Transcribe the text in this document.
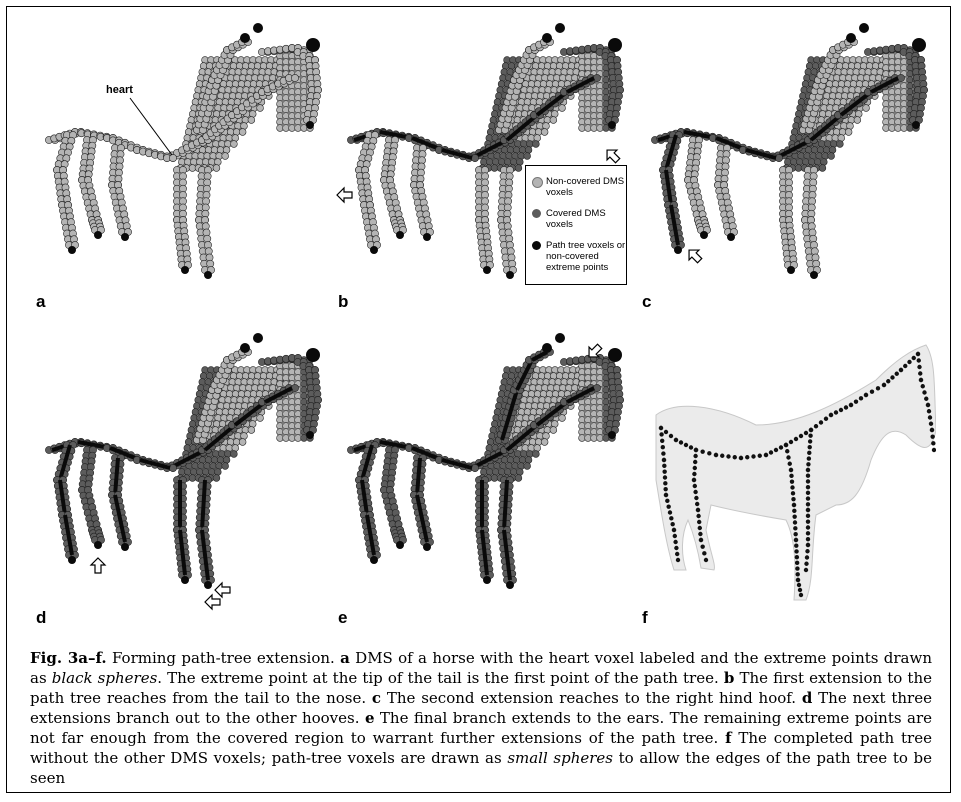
heart
a	b	c
d	e	f
Non-covered DMS voxels
Covered DMS voxels
Path tree voxels or non-covered extreme points
Fig. 3a–f. Forming path-tree extension. a DMS of a horse with the heart voxel labeled and the extreme points drawn as black spheres. The extreme point at the tip of the tail is the first point of the path tree. b The first extension to the path tree reaches from the tail to the nose. c The second extension reaches to the right hind hoof. d The next three extensions branch out to the other hooves. e The final branch extends to the ears. The remaining extreme points are not far enough from the covered region to warrant further extensions of the path tree. f The completed path tree without the other DMS voxels; path-tree voxels are drawn as small spheres to allow the edges of the path tree to be seen
